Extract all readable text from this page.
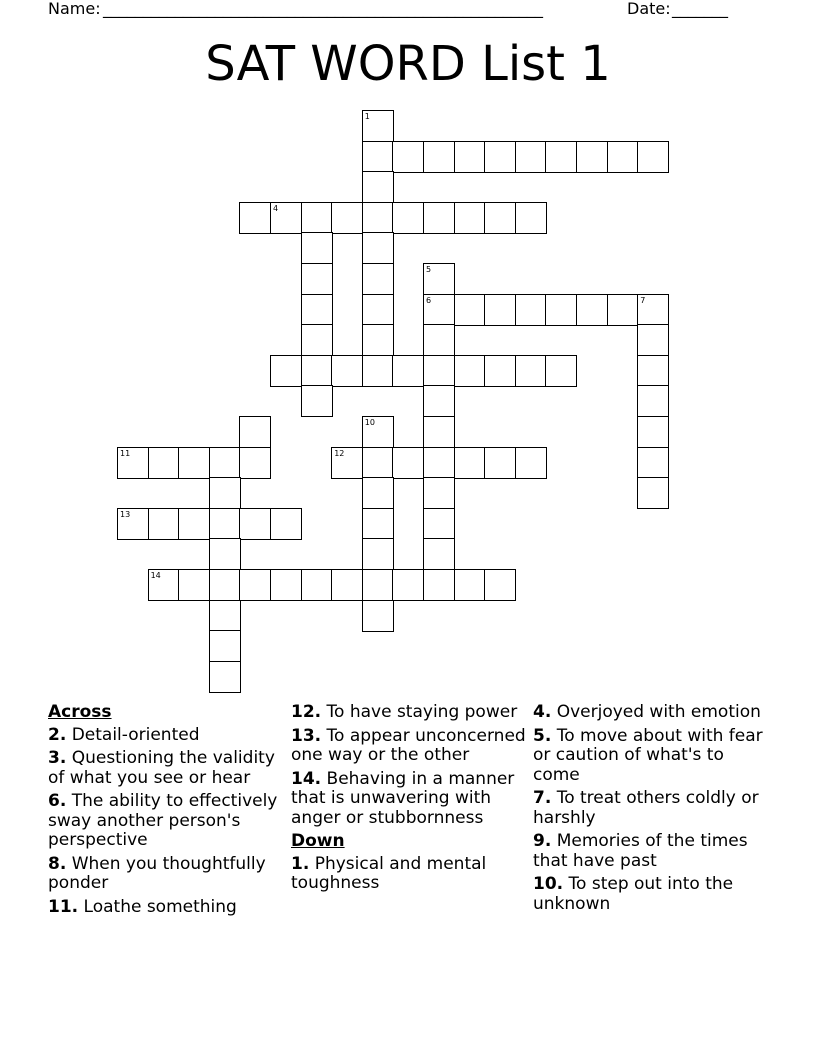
Name: _______________________________________________________	Date: _______
SAT WORD List 1
1
4
5
6	7
10
11	12
13
14
Across
2. Detail-oriented
3. Questioning the validity of what you see or hear
6. The ability to effectively sway another person's perspective
8. When you thoughtfully ponder
11. Loathe something
12. To have staying power
13. To appear unconcerned one way or the other
14. Behaving in a manner that is unwavering with anger or stubbornness
Down
1. Physical and mental toughness
4. Overjoyed with emotion
5. To move about with fear or caution of what's to come
7. To treat others coldly or harshly
9. Memories of the times that have past
10. To step out into the unknown
